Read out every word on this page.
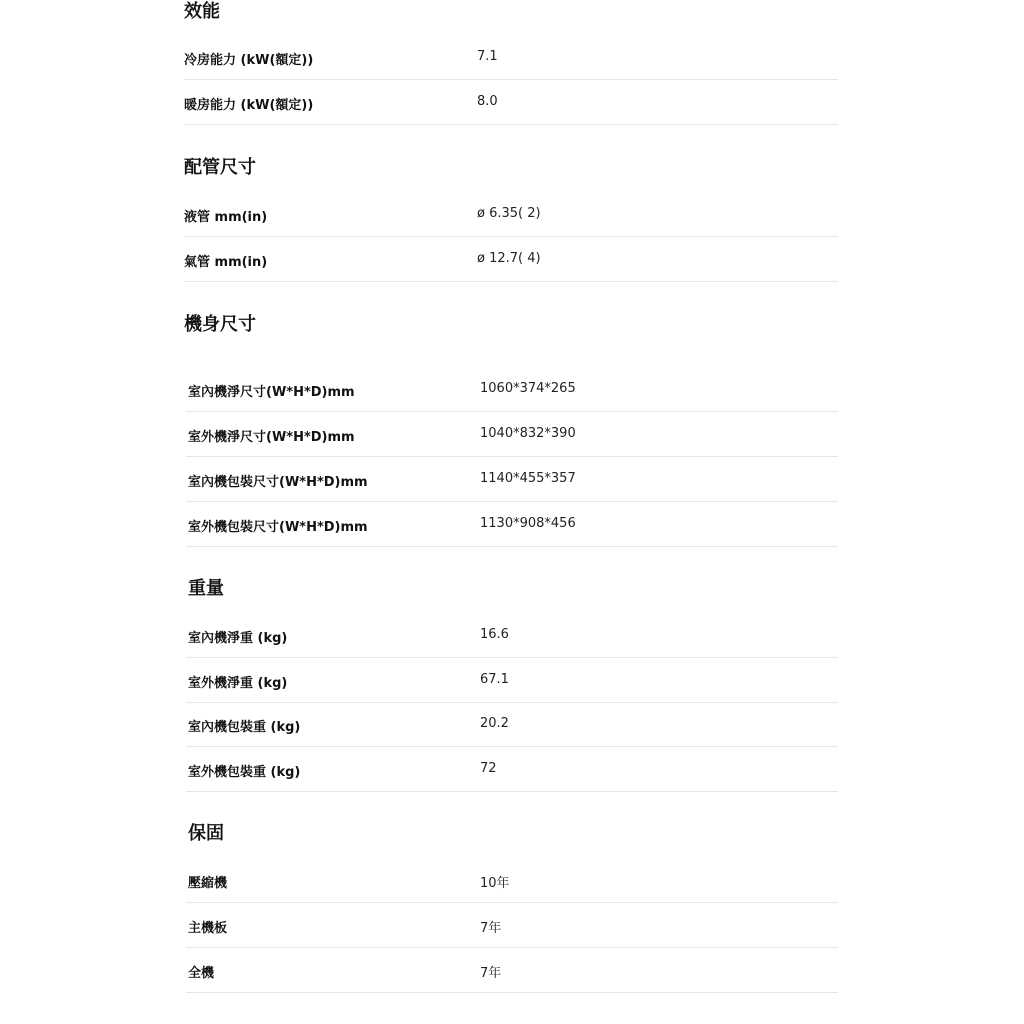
效能
冷房能力 (kW(額定))	7.1
暖房能力 (kW(額定))	8.0
配管尺寸
液管 mm(in)	ø 6.35( 2)
氣管 mm(in)	ø 12.7( 4)
機身尺寸
室內機淨尺寸(W*H*D)mm	1060*374*265
室外機淨尺寸(W*H*D)mm	1040*832*390
室內機包裝尺寸(W*H*D)mm	1140*455*357
室外機包裝尺寸(W*H*D)mm	1130*908*456
重量
室內機淨重 (kg)	16.6
室外機淨重 (kg)	67.1
室內機包裝重 (kg)	20.2
室外機包裝重 (kg)	72
保固
壓縮機	10年
主機板	7年
全機	7年
